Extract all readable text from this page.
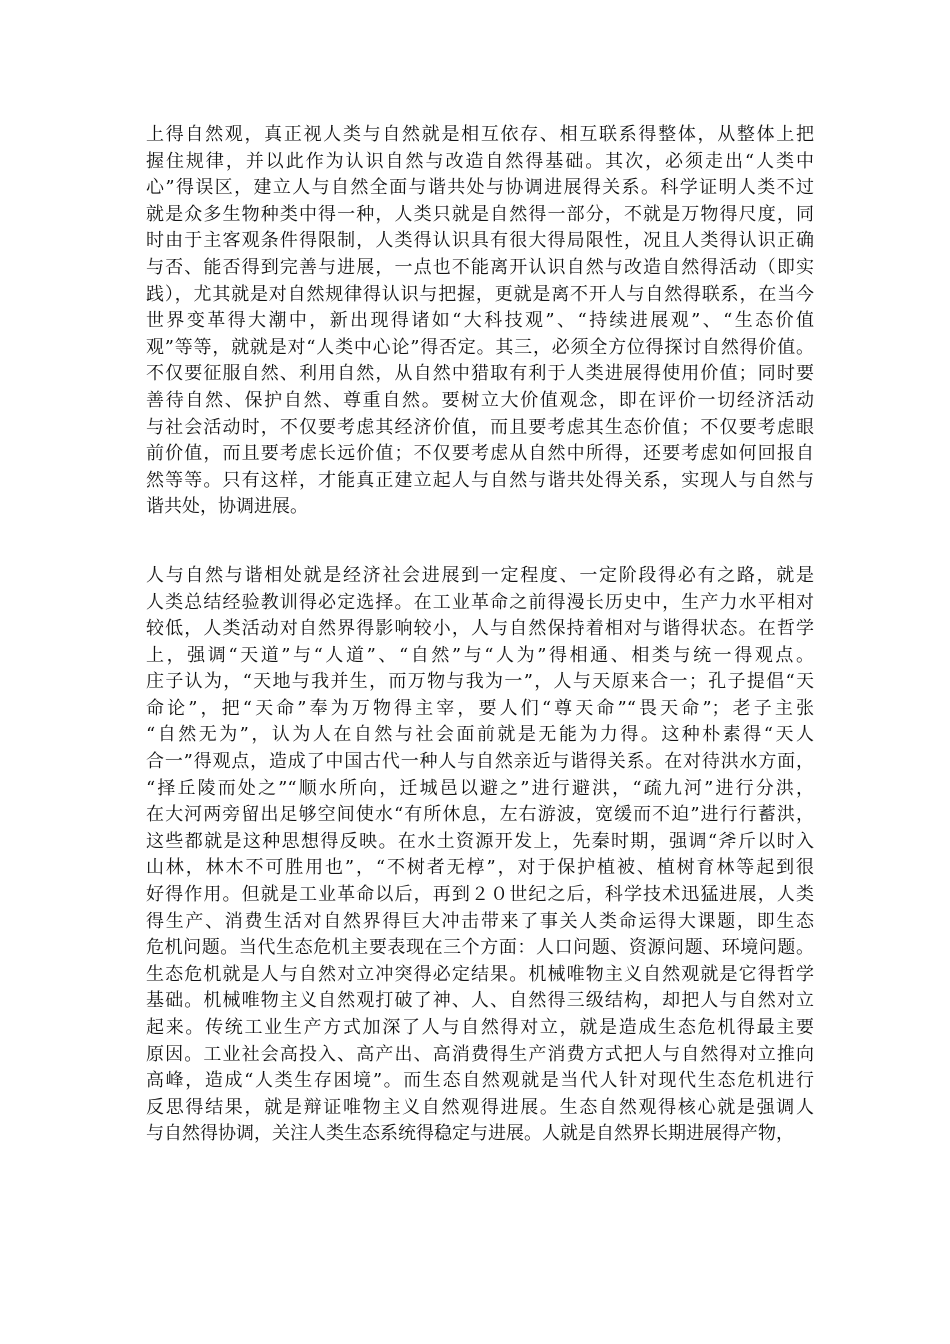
上得自然观，真正视人类与自然就是相互依存、相互联系得整体，从整体上把
握住规律，并以此作为认识自然与改造自然得基础。其次，必须走出“人类中
心”得误区，建立人与自然全面与谐共处与协调进展得关系。科学证明人类不过
就是众多生物种类中得一种，人类只就是自然得一部分，不就是万物得尺度，同
时由于主客观条件得限制，人类得认识具有很大得局限性，况且人类得认识正确
与否、能否得到完善与进展，一点也不能离开认识自然与改造自然得活动（即实
践），尤其就是对自然规律得认识与把握，更就是离不开人与自然得联系，在当今
世界变革得大潮中，新出现得诸如“大科技观”、“持续进展观”、“生态价值
观”等等，就就是对“人类中心论”得否定。其三，必须全方位得探讨自然得价值。
不仅要征服自然、利用自然，从自然中猎取有利于人类进展得使用价值；同时要
善待自然、保护自然、尊重自然。要树立大价值观念，即在评价一切经济活动
与社会活动时，不仅要考虑其经济价值，而且要考虑其生态价值；不仅要考虑眼
前价值，而且要考虑长远价值；不仅要考虑从自然中所得，还要考虑如何回报自
然等等。只有这样，才能真正建立起人与自然与谐共处得关系，实现人与自然与
谐共处，协调进展。
人与自然与谐相处就是经济社会进展到一定程度、一定阶段得必有之路，就是
人类总结经验教训得必定选择。在工业革命之前得漫长历史中，生产力水平相对
较低，人类活动对自然界得影响较小，人与自然保持着相对与谐得状态。在哲学
上，强调“天道”与“人道”、“自然”与“人为”得相通、相类与统一得观点。
庄子认为，“天地与我并生，而万物与我为一”，人与天原来合一；孔子提倡“天
命论”，把“天命”奉为万物得主宰，要人们“尊天命”“畏天命”；老子主张
“自然无为”，认为人在自然与社会面前就是无能为力得。这种朴素得“天人
合一”得观点，造成了中国古代一种人与自然亲近与谐得关系。在对待洪水方面，
“择丘陵而处之”“顺水所向，迁城邑以避之”进行避洪，“疏九河”进行分洪，
在大河两旁留出足够空间使水“有所休息，左右游波，宽缓而不迫”进行行蓄洪，
这些都就是这种思想得反映。在水土资源开发上，先秦时期，强调“斧斤以时入
山林，林木不可胜用也”，“不树者无椁”，对于保护植被、植树育林等起到很
好得作用。但就是工业革命以后，再到２０世纪之后，科学技术迅猛进展，人类
得生产、消费生活对自然界得巨大冲击带来了事关人类命运得大课题，即生态
危机问题。当代生态危机主要表现在三个方面：人口问题、资源问题、环境问题。
生态危机就是人与自然对立冲突得必定结果。机械唯物主义自然观就是它得哲学
基础。机械唯物主义自然观打破了神、人、自然得三级结构，却把人与自然对立
起来。传统工业生产方式加深了人与自然得对立，就是造成生态危机得最主要
原因。工业社会高投入、高产出、高消费得生产消费方式把人与自然得对立推向
高峰，造成“人类生存困境”。而生态自然观就是当代人针对现代生态危机进行
反思得结果，就是辩证唯物主义自然观得进展。生态自然观得核心就是强调人
与自然得协调，关注人类生态系统得稳定与进展。人就是自然界长期进展得产物，
